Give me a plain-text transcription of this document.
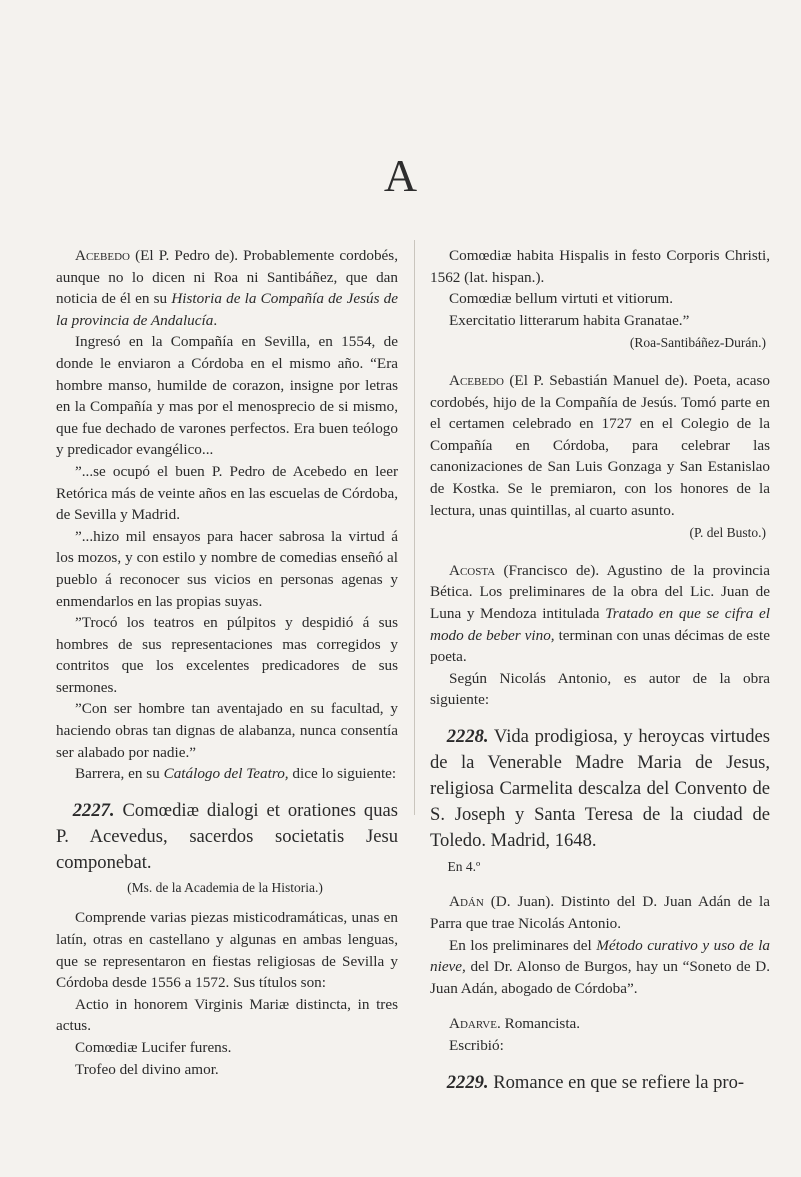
A

Acebedo (El P. Pedro de). Probablemente cordobés, aunque no lo dicen ni Roa ni Santibáñez, que dan noticia de él en su Historia de la Compañía de Jesús de la provincia de Andalucía.

Ingresó en la Compañía en Sevilla, en 1554, de donde le enviaron a Córdoba en el mismo año. “Era hombre manso, humilde de corazon, insigne por letras en la Compañía y mas por el menosprecio de si mismo, que fue dechado de varones perfectos. Era buen teólogo y predicador evangélico...

”...se ocupó el buen P. Pedro de Acebedo en leer Retórica más de veinte años en las escuelas de Córdoba, de Sevilla y Madrid.

”...hizo mil ensayos para hacer sabrosa la virtud á los mozos, y con estilo y nombre de comedias enseñó al pueblo á reconocer sus vicios en personas agenas y enmendarlos en las propias suyas.

”Trocó los teatros en púlpitos y despidió á sus hombres de sus representaciones mas corregidos y contritos que los excelentes predicadores de sus sermones.

”Con ser hombre tan aventajado en su facultad, y haciendo obras tan dignas de alabanza, nunca consentía ser alabado por nadie.”

Barrera, en su Catálogo del Teatro, dice lo siguiente:

2227. Comœdiæ dialogi et orationes quas P. Acevedus, sacerdos societatis Jesu componebat.

(Ms. de la Academia de la Historia.)

Comprende varias piezas misticodramáticas, unas en latín, otras en castellano y algunas en ambas lenguas, que se representaron en fiestas religiosas de Sevilla y Córdoba desde 1556 a 1572. Sus títulos son:

Actio in honorem Virginis Mariæ distincta, in tres actus.

Comœdiæ Lucifer furens.

Trofeo del divino amor.

Comœdiæ habita Hispalis in festo Corporis Christi, 1562 (lat. hispan.).

Comœdiæ bellum virtuti et vitiorum.

Exercitatio litterarum habita Granatae.”

(Roa-Santibáñez-Durán.)

Acebedo (El P. Sebastián Manuel de). Poeta, acaso cordobés, hijo de la Compañía de Jesús. Tomó parte en el certamen celebrado en 1727 en el Colegio de la Compañía en Córdoba, para celebrar las canonizaciones de San Luis Gonzaga y San Estanislao de Kostka. Se le premiaron, con los honores de la lectura, unas quintillas, al cuarto asunto.

(P. del Busto.)

Acosta (Francisco de). Agustino de la provincia Bética. Los preliminares de la obra del Lic. Juan de Luna y Mendoza intitulada Tratado en que se cifra el modo de beber vino, terminan con unas décimas de este poeta.

Según Nicolás Antonio, es autor de la obra siguiente:

2228. Vida prodigiosa, y heroycas virtudes de la Venerable Madre Maria de Jesus, religiosa Carmelita descalza del Convento de S. Joseph y Santa Teresa de la ciudad de Toledo. Madrid, 1648.

En 4.º

Adán (D. Juan). Distinto del D. Juan Adán de la Parra que trae Nicolás Antonio.

En los preliminares del Método curativo y uso de la nieve, del Dr. Alonso de Burgos, hay un “Soneto de D. Juan Adán, abogado de Córdoba”.

Adarve. Romancista.

Escribió:

2229. Romance en que se refiere la pro-
